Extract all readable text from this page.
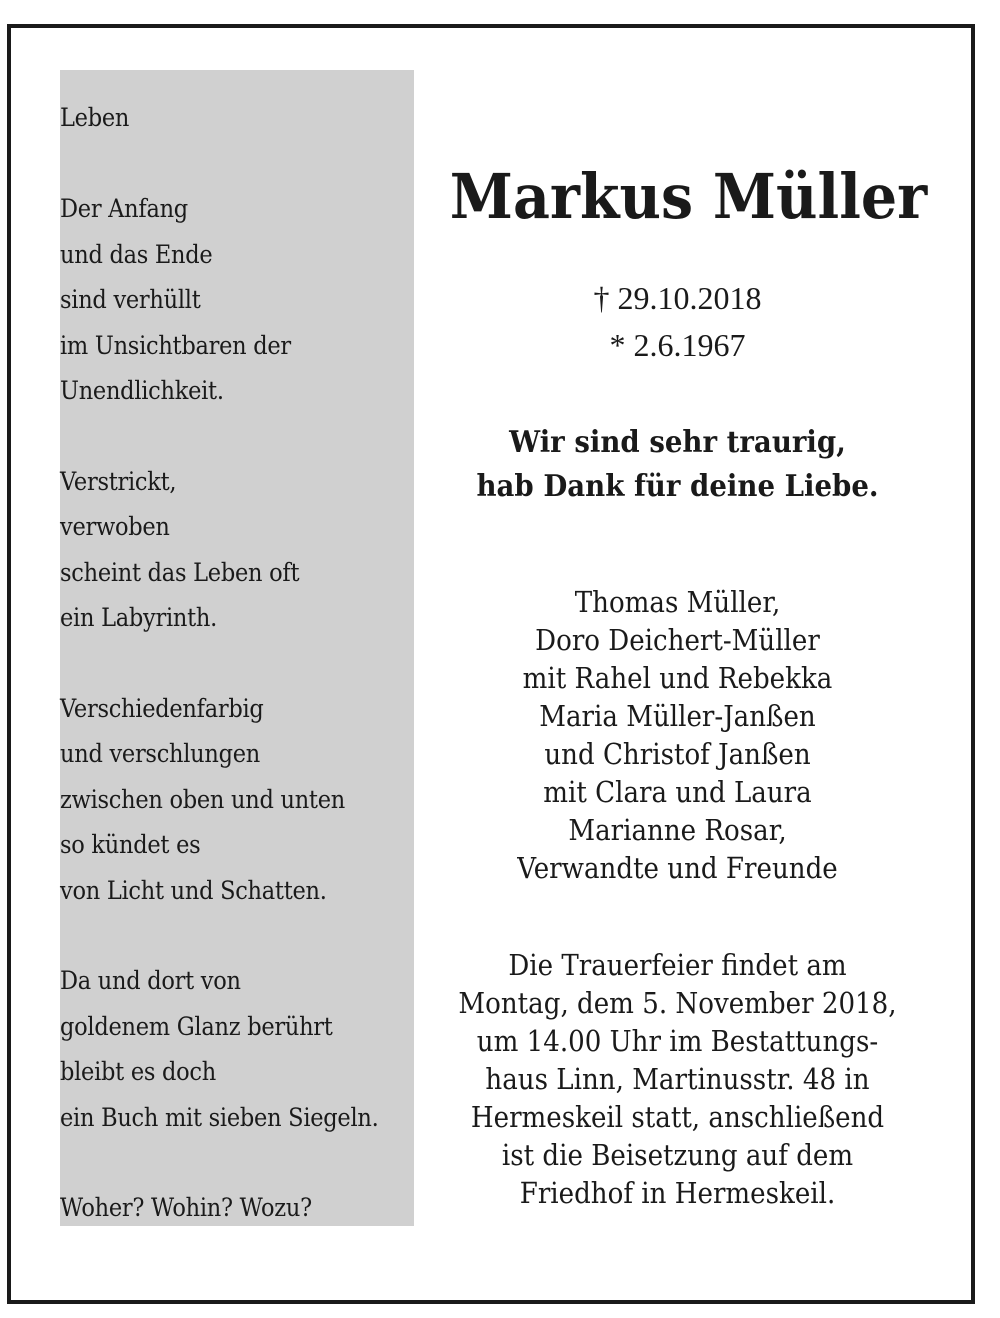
Leben
Der Anfang
und das Ende
sind verhüllt
im Unsichtbaren der
Unendlichkeit.
Verstrickt,
verwoben
scheint das Leben oft
ein Labyrinth.
Verschiedenfarbig
und verschlungen
zwischen oben und unten
so kündet es
von Licht und Schatten.
Da und dort von
goldenem Glanz berührt
bleibt es doch
ein Buch mit sieben Siegeln.
Woher? Wohin? Wozu?
Markus Müller
† 29.10.2018
* 2.6.1967
Wir sind sehr traurig,
hab Dank für deine Liebe.
Thomas Müller,
Doro Deichert-Müller
mit Rahel und Rebekka
Maria Müller-Janßen
und Christof Janßen
mit Clara und Laura
Marianne Rosar,
Verwandte und Freunde
Die Trauerfeier findet am
Montag, dem 5. November 2018,
um 14.00 Uhr im Bestattungs-
haus Linn, Martinusstr. 48 in
Hermeskeil statt, anschließend
ist die Beisetzung auf dem
Friedhof in Hermeskeil.
